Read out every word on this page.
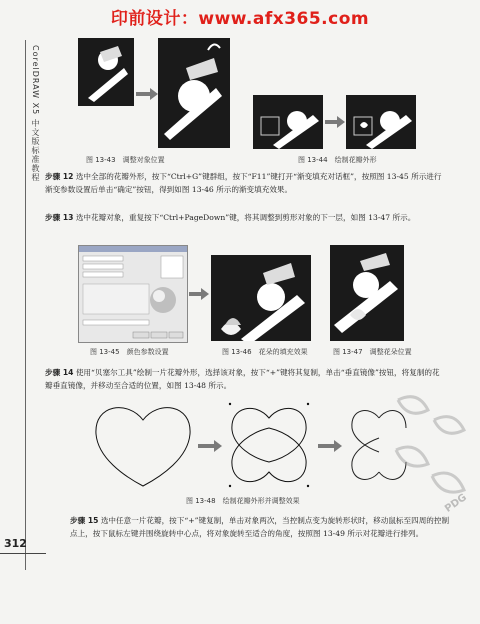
印前设计：www.afx365.com
CorelDRAW X5 中文版标准教程	图 13-43　调整对象位置	图 13-44　绘制花瓣外形
步骤 12 选中全部的花瓣外形，按下“Ctrl+G”键群组，按下“F11”键打开“渐变填充对话框”，按照图 13-45 所示进行渐变参数设置后单击“确定”按钮，得到如图 13-46 所示的渐变填充效果。
步骤 13 选中花瓣对象，重复按下“Ctrl+PageDown”键，将其调整到剪形对象的下一层，如图 13-47 所示。
图 13-45　颜色参数设置	图 13-46　花朵的填充效果	图 13-47　调整花朵位置
步骤 14 使用“贝塞尔工具”绘制一片花瓣外形，选择该对象，按下“+”键将其复制，单击“垂直镜像”按钮，将复制的花瓣垂直镜像，并移动至合适的位置，如图 13-48 所示。
图 13-48　绘制花瓣外形并调整效果
步骤 15 选中任意一片花瓣，按下“+”键复制，单击对象两次，当控制点变为旋转形状时，移动鼠标至四周的控制点上，按下鼠标左键并围绕旋转中心点，将对象旋转至适合的角度，按照图 13-49 所示对花瓣进行排列。
312
PDG
